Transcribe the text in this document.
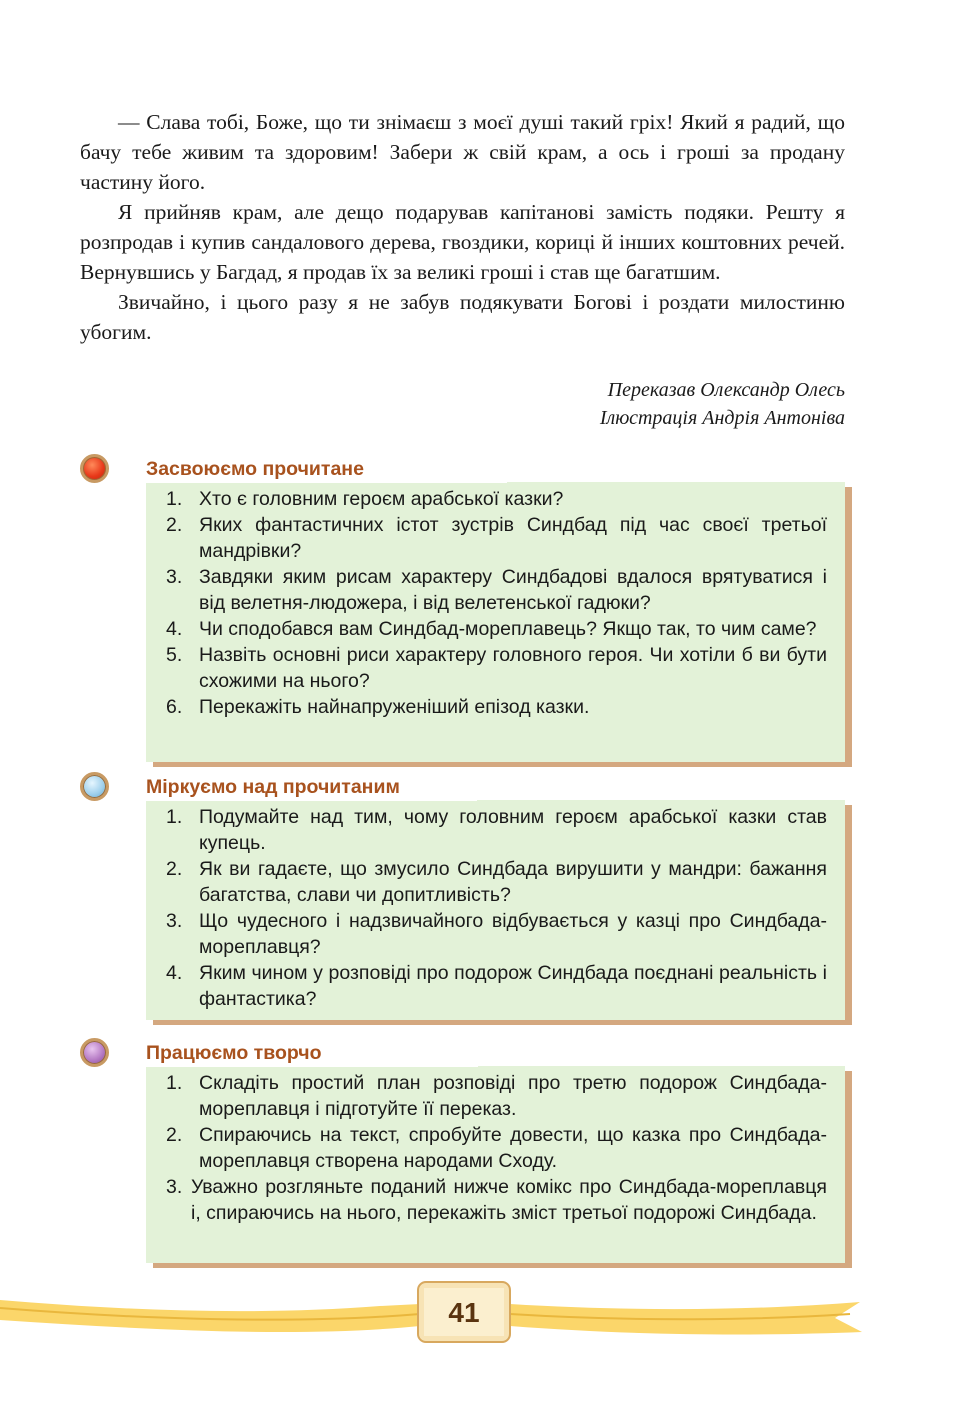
— Слава тобі, Боже, що ти знімаєш з моєї душі такий гріх! Який я радий, що бачу тебе живим та здоровим! Забери ж свій крам, а ось і гроші за продану частину його.

Я прийняв крам, але дещо подарував капітанові замість подяки. Решту я розпродав і купив сандалового дерева, гвоздики, кориці й інших коштовних речей. Вернувшись у Багдад, я продав їх за великі гроші і став ще багатшим.

Звичайно, і цього разу я не забув подякувати Богові і роздати милостиню убогим.

Переказав Олександр Олесь
Ілюстрація Андрія Антоніва
1. Хто є головним героєм арабської казки?
2. Яких фантастичних істот зустрів Синдбад під час своєї третьої мандрівки?
3. Завдяки яким рисам характеру Синдбадові вдалося врятуватися і від велетня-людожера, і від велетенської гадюки?
4. Чи сподобався вам Синдбад-мореплавець? Якщо так, то чим саме?
5. Назвіть основні риси характеру головного героя. Чи хотіли б ви бути схожими на нього?
6. Перекажіть найнапруженіший епізод казки.
Засвоюємо прочитане
1. Подумайте над тим, чому головним героєм арабської казки став купець.
2. Як ви гадаєте, що змусило Синдбада вирушити у мандри: бажання багатства, слави чи допитливість?
3. Що чудесного і надзвичайного відбувається у казці про Синдбада-мореплавця?
4. Яким чином у розповіді про подорож Синдбада поєднані реальність і фантастика?
Міркуємо над прочитаним
1. Складіть простий план розповіді про третю подорож Синдбада-мореплавця і підготуйте її переказ.
2. Спираючись на текст, спробуйте довести, що казка про Синдбада-мореплавця створена народами Сходу.
3. Уважно розгляньте поданий нижче комікс про Синдбада-мореплавця і, спираючись на нього, перекажіть зміст третьої подорожі Синдбада.
Працюємо творчо
41
